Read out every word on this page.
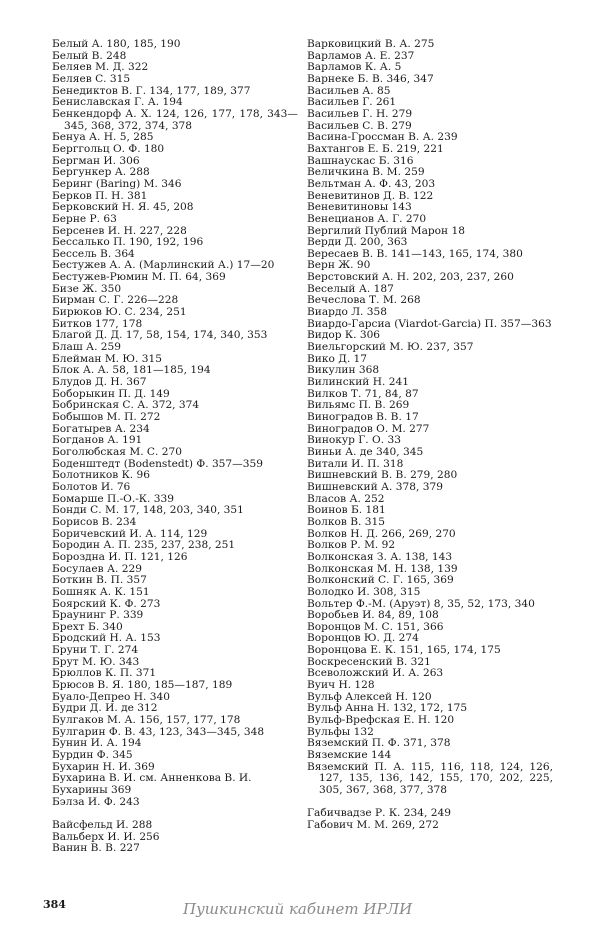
Белый А. 180, 185, 190
Белый В. 248
Беляев М. Д. 322
Беляев С. 315
Бенедиктов В. Г. 134, 177, 189, 377
Бениславская Г. А. 194
Бенкендорф А. Х. 124, 126, 177, 178, 343—345, 368, 372, 374, 378
Бенуа А. Н. 5, 285
Берггольц О. Ф. 180
Бергман И. 306
Бергункер А. 288
Беринг (Baring) М. 346
Берков П. Н. 381
Берковский Н. Я. 45, 208
Берне Р. 63
Берсенев И. Н. 227, 228
Бессалько П. 190, 192, 196
Бессель В. 364
Бестужев А. А. (Марлинский А.) 17—20
Бестужев-Рюмин М. П. 64, 369
Бизе Ж. 350
Бирман С. Г. 226—228
Бирюков Ю. С. 234, 251
Битков 177, 178
Благой Д. Д. 17, 58, 154, 174, 340, 353
Блаш А. 259
Блейман М. Ю. 315
Блок А. А. 58, 181—185, 194
Блудов Д. Н. 367
Боборыкин П. Д. 149
Бобринская С. А. 372, 374
Бобышов М. П. 272
Богатырев А. 234
Богданов А. 191
Боголюбская М. С. 270
Боденштедт (Bodenstedt) Ф. 357—359
Болотников К. 96
Болотов И. 76
Бомарше П.-О.-К. 339
Бонди С. М. 17, 148, 203, 340, 351
Борисов В. 234
Боричевский И. А. 114, 129
Бородин А. П. 235, 237, 238, 251
Бороздна И. П. 121, 126
Босулаев А. 229
Боткин В. П. 357
Бошняк А. К. 151
Боярский К. Ф. 273
Браунинг Р. 339
Брехт Б. 340
Бродский Н. А. 153
Бруни Т. Г. 274
Брут М. Ю. 343
Брюллов К. П. 371
Брюсов В. Я. 180, 185—187, 189
Буало-Депрео Н. 340
Будри Д. И. де 312
Булгаков М. А. 156, 157, 177, 178
Булгарин Ф. В. 43, 123, 343—345, 348
Бунин И. А. 194
Бурдин Ф. 345
Бухарин Н. И. 369
Бухарина В. И. см. Анненкова В. И.
Бухарины 369
Бэлза И. Ф. 243
Вайсфельд И. 288
Вальберх И. И. 256
Ванин В. В. 227
Варковицкий В. А. 275
Варламов А. Е. 237
Варламов К. А. 5
Варнеке Б. В. 346, 347
Васильев А. 85
Васильев Г. 261
Васильев Г. Н. 279
Васильев С. В. 279
Васина-Гроссман В. А. 239
Вахтангов Е. Б. 219, 221
Вашнаускас Б. 316
Величкина В. М. 259
Вельтман А. Ф. 43, 203
Веневитинов Д. В. 122
Веневитиновы 143
Венецианов А. Г. 270
Вергилий Публий Марон 18
Верди Д. 200, 363
Вересаев В. В. 141—143, 165, 174, 380
Верн Ж. 90
Верстовский А. Н. 202, 203, 237, 260
Веселый А. 187
Вечеслова Т. М. 268
Виардо Л. 358
Виардо-Гарсиа (Viardot-Garcia) П. 357—363
Видор К. 306
Виельгорский М. Ю. 237, 357
Вико Д. 17
Викулин 368
Вилинский Н. 241
Вилков Т. 71, 84, 87
Вильямс П. В. 269
Виноградов В. В. 17
Виноградов О. М. 277
Винокур Г. О. 33
Виньи А. де 340, 345
Витали И. П. 318
Вишневский В. В. 279, 280
Вишневский А. 378, 379
Власов А. 252
Воинов Б. 181
Волков В. 315
Волков Н. Д. 266, 269, 270
Волков Р. М. 92
Волконская З. А. 138, 143
Волконская М. Н. 138, 139
Волконский С. Г. 165, 369
Володко И. 308, 315
Вольтер Ф.-М. (Аруэт) 8, 35, 52, 173, 340
Воробьев И. 84, 89, 108
Воронцов М. С. 151, 366
Воронцов Ю. Д. 274
Воронцова Е. К. 151, 165, 174, 175
Воскресенский В. 321
Всеволожский И. А. 263
Вуич Н. 128
Вульф Алексей Н. 120
Вульф Анна Н. 132, 172, 175
Вульф-Врефская Е. Н. 120
Вульфы 132
Вяземский П. Ф. 371, 378
Вяземские 144
Вяземский П. А. 115, 116, 118, 124, 126, 127, 135, 136, 142, 155, 170, 202, 225, 305, 367, 368, 377, 378
Габичвадзе Р. К. 234, 249
Габович М. М. 269, 272
384	Пушкинский кабинет ИРЛИ
